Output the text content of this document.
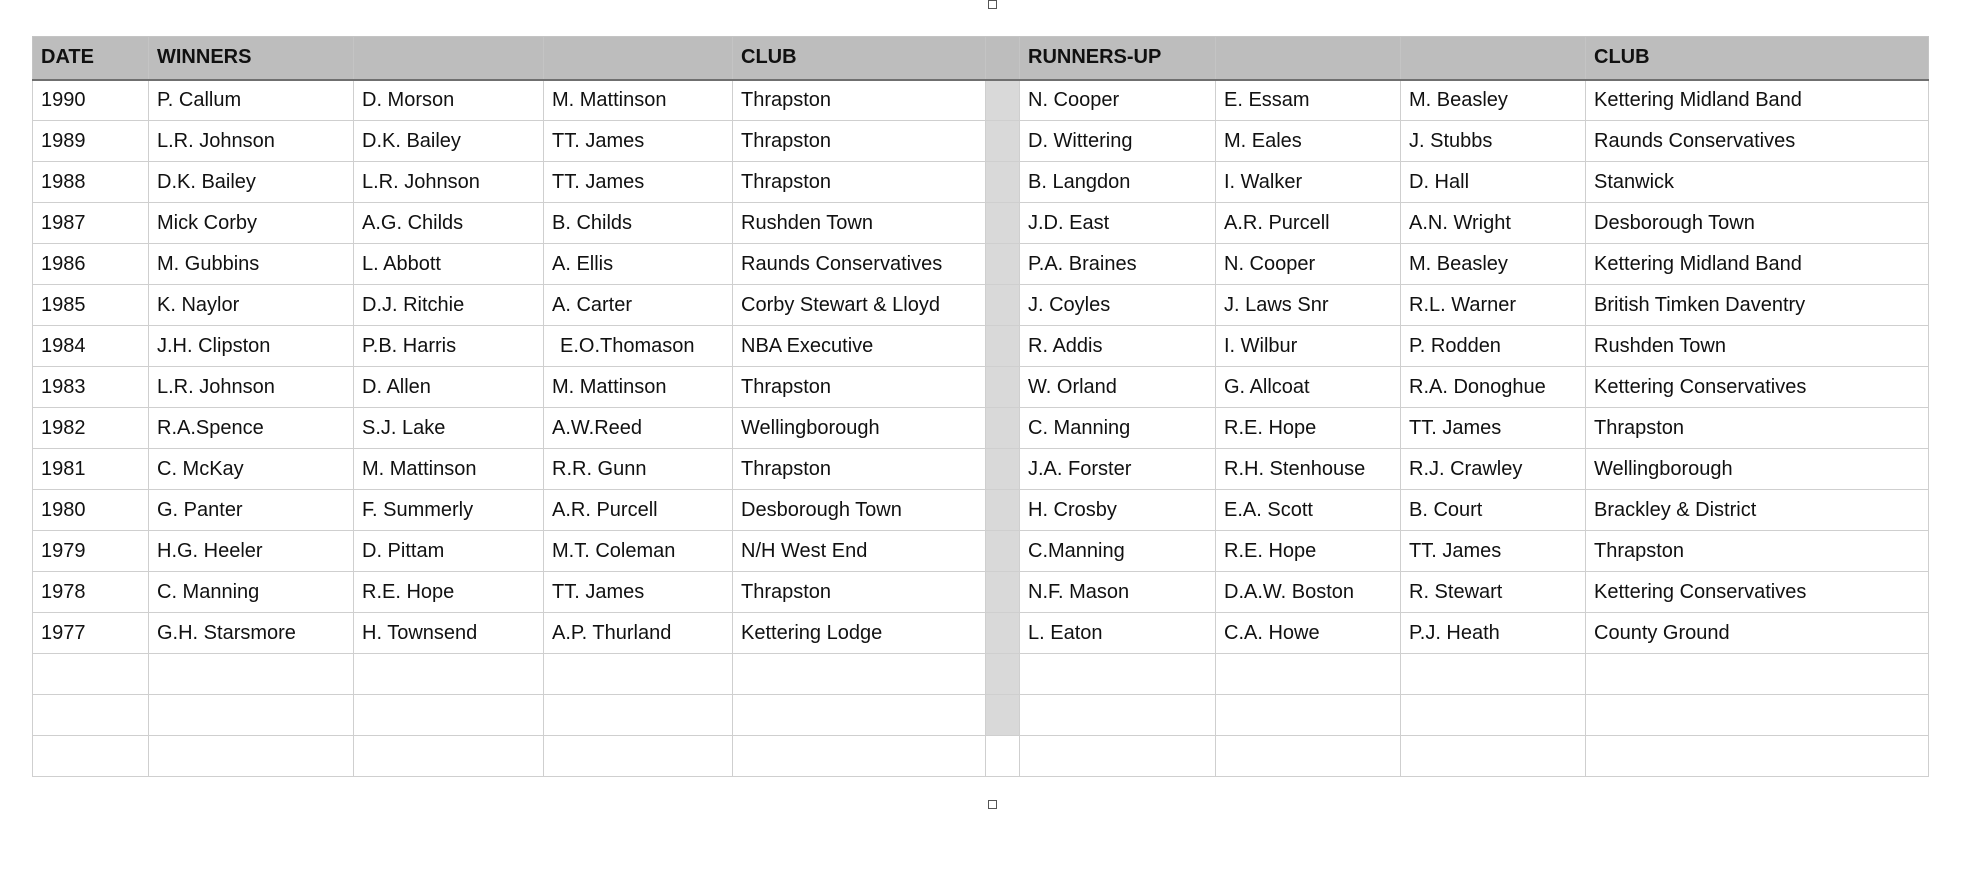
DATE	WINNERS			CLUB		RUNNERS-UP			CLUB
1990	P. Callum	D. Morson	M. Mattinson	Thrapston		N. Cooper	E. Essam	M. Beasley	Kettering Midland Band
1989	L.R. Johnson	D.K. Bailey	TT. James	Thrapston		D. Wittering	M. Eales	J. Stubbs	Raunds Conservatives
1988	D.K. Bailey	L.R. Johnson	TT. James	Thrapston		B. Langdon	I. Walker	D. Hall	Stanwick
1987	Mick Corby	A.G. Childs	B. Childs	Rushden Town		J.D. East	A.R. Purcell	A.N. Wright	Desborough Town
1986	M. Gubbins	L. Abbott	A. Ellis	Raunds Conservatives		P.A. Braines	N. Cooper	M. Beasley	Kettering Midland Band
1985	K. Naylor	D.J. Ritchie	A. Carter	Corby Stewart & Lloyd		J. Coyles	J. Laws Snr	R.L. Warner	British Timken Daventry
1984	J.H. Clipston	P.B. Harris	E.O.Thomason	NBA Executive		R. Addis	I. Wilbur	P. Rodden	Rushden Town
1983	L.R. Johnson	D. Allen	M. Mattinson	Thrapston		W. Orland	G. Allcoat	R.A. Donoghue	Kettering Conservatives
1982	R.A.Spence	S.J. Lake	A.W.Reed	Wellingborough		C. Manning	R.E. Hope	TT. James	Thrapston
1981	C. McKay	M. Mattinson	R.R. Gunn	Thrapston		J.A. Forster	R.H. Stenhouse	R.J. Crawley	Wellingborough
1980	G. Panter	F. Summerly	A.R. Purcell	Desborough Town		H. Crosby	E.A. Scott	B. Court	Brackley & District
1979	H.G. Heeler	D. Pittam	M.T. Coleman	N/H West End		C.Manning	R.E. Hope	TT. James	Thrapston
1978	C. Manning	R.E. Hope	TT. James	Thrapston		N.F. Mason	D.A.W. Boston	R. Stewart	Kettering Conservatives
1977	G.H. Starsmore	H. Townsend	A.P. Thurland	Kettering Lodge		L. Eaton	C.A. Howe	P.J. Heath	County Ground
